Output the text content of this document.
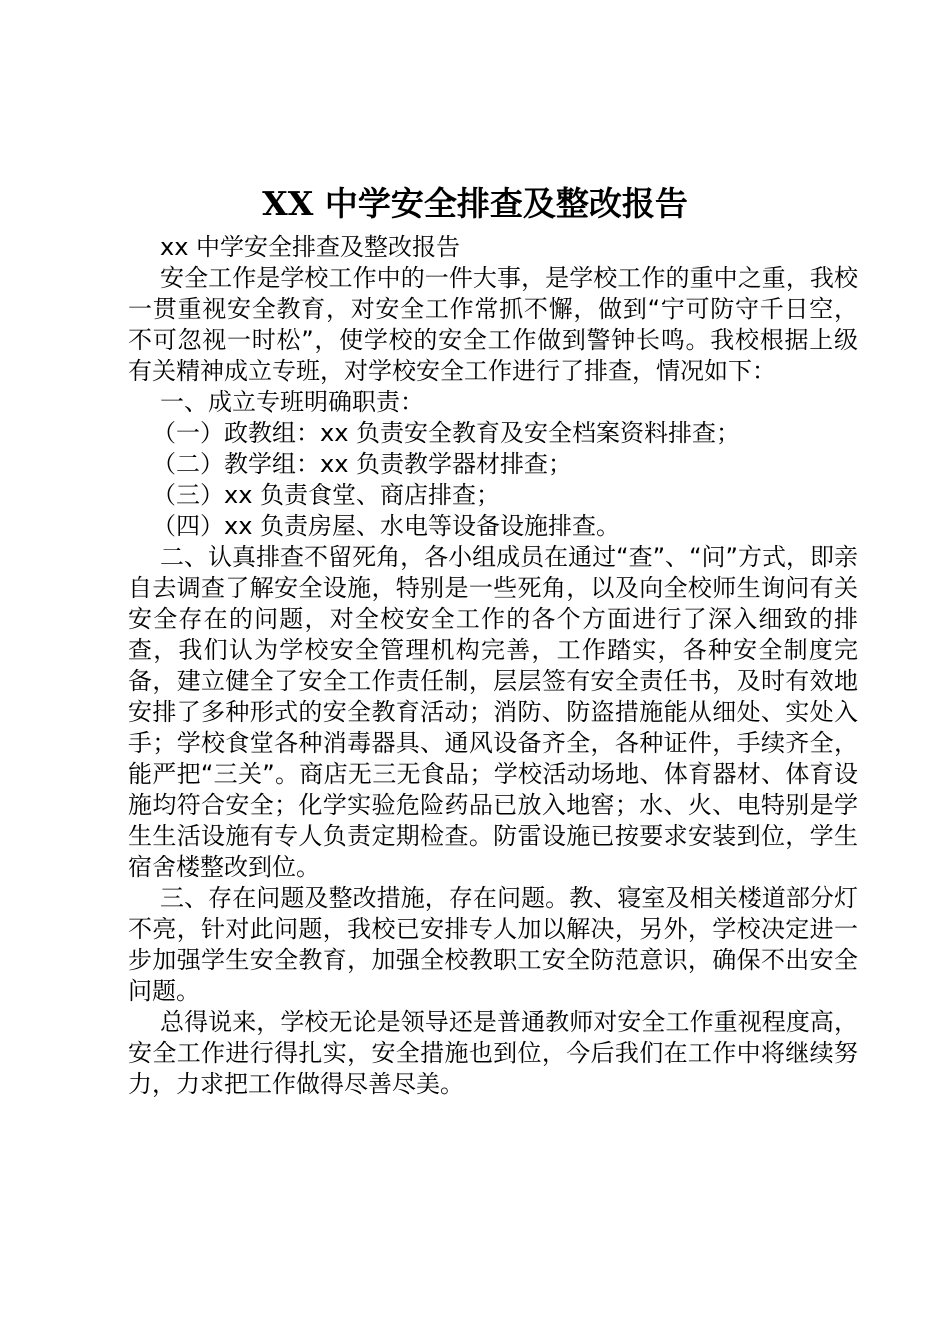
XX 中学安全排查及整改报告

xx 中学安全排查及整改报告

安全工作是学校工作中的一件大事，是学校工作的重中之重，我校一贯重视安全教育，对安全工作常抓不懈，做到“宁可防守千日空，不可忽视一时松”，使学校的安全工作做到警钟长鸣。我校根据上级有关精神成立专班，对学校安全工作进行了排查，情况如下：

一、成立专班明确职责：

（一）政教组：xx 负责安全教育及安全档案资料排查；

（二）教学组：xx 负责教学器材排查；

（三）xx 负责食堂、商店排查；

（四）xx 负责房屋、水电等设备设施排查。

二、认真排查不留死角，各小组成员在通过“查”、“问”方式，即亲自去调查了解安全设施，特别是一些死角，以及向全校师生询问有关安全存在的问题，对全校安全工作的各个方面进行了深入细致的排查，我们认为学校安全管理机构完善，工作踏实，各种安全制度完备，建立健全了安全工作责任制，层层签有安全责任书，及时有效地安排了多种形式的安全教育活动；消防、防盗措施能从细处、实处入手；学校食堂各种消毒器具、通风设备齐全，各种证件，手续齐全，能严把“三关”。商店无三无食品；学校活动场地、体育器材、体育设施均符合安全；化学实验危险药品已放入地窖；水、火、电特别是学生生活设施有专人负责定期检查。防雷设施已按要求安装到位，学生宿舍楼整改到位。

三、存在问题及整改措施，存在问题。教、寝室及相关楼道部分灯不亮，针对此问题，我校已安排专人加以解决，另外，学校决定进一步加强学生安全教育，加强全校教职工安全防范意识，确保不出安全问题。

总得说来，学校无论是领导还是普通教师对安全工作重视程度高，安全工作进行得扎实，安全措施也到位，今后我们在工作中将继续努力，力求把工作做得尽善尽美。
